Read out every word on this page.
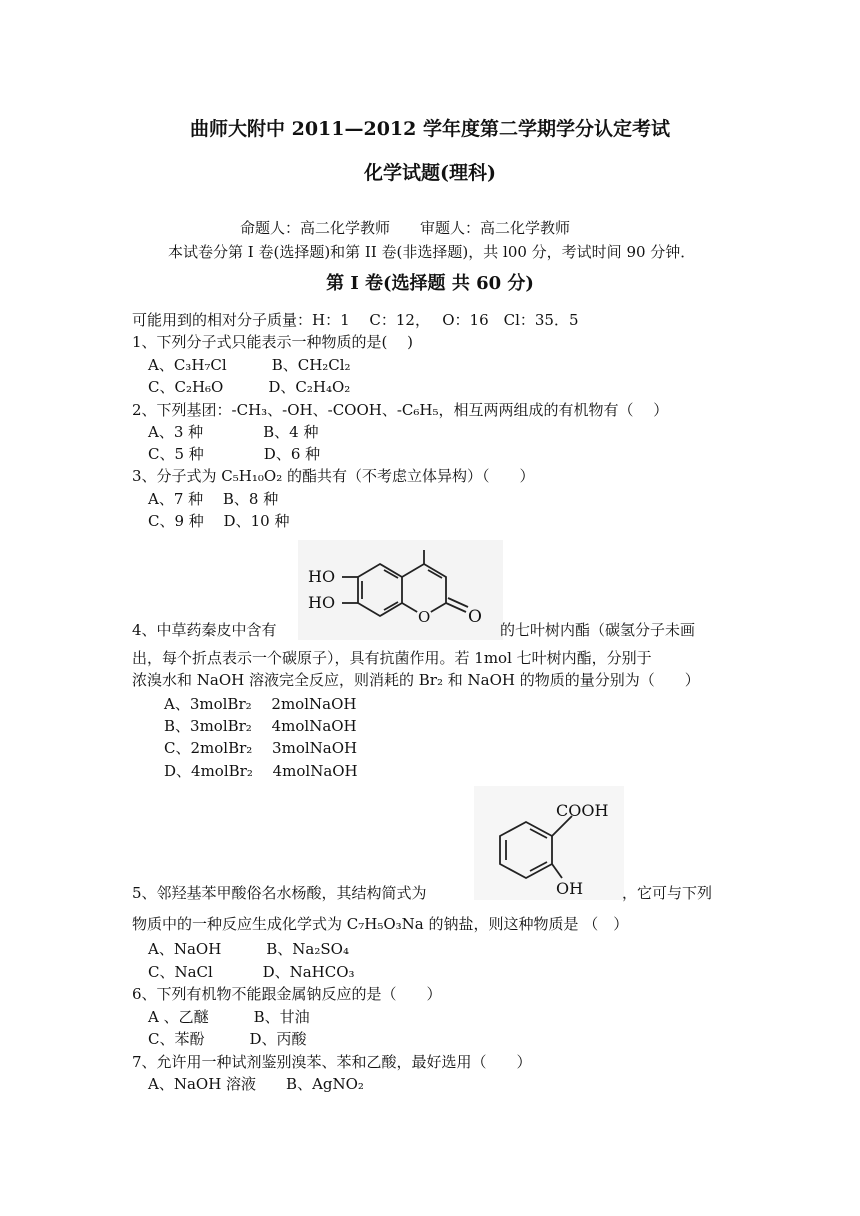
曲师大附中 2011—2012 学年度第二学期学分认定考试
化学试题(理科)
命题人：高二化学教师　　审题人：高二化学教师
本试卷分第 I 卷(选择题)和第 II 卷(非选择题)，共 l00 分，考试时间 90 分钟．
第 I 卷(选择题 共 60 分)
可能用到的相对分子质量：H：1　 C：12，　 O：16　Cl：35．5
1、下列分子式只能表示一种物质的是(　 )
A、C₃H₇Cl　　　B、CH₂Cl₂
C、C₂H₆O　　　D、C₂H₄O₂
2、下列基团：-CH₃、-OH、-COOH、-C₆H₅，相互两两组成的有机物有（　 ）
A、3 种　　　　B、4 种
C、5 种　　　　D、6 种
3、分子式为 C₅H₁₀O₂ 的酯共有（不考虑立体异构）（　　）
A、7 种　 B、8 种
C、9 种　 D、10 种
HO
HO
O O
4、中草药秦皮中含有	的七叶树内酯（碳氢分子未画
出，每个折点表示一个碳原子），具有抗菌作用。若 1mol 七叶树内酯，分别于
浓溴水和 NaOH 溶液完全反应，则消耗的 Br₂ 和 NaOH 的物质的量分别为（　　）
A、3molBr₂　 2molNaOH
B、3molBr₂　 4molNaOH
C、2molBr₂　 3molNaOH
D、4molBr₂　 4molNaOH
COOH
OH
5、邻羟基苯甲酸俗名水杨酸，其结构简式为	，它可与下列
物质中的一种反应生成化学式为 C₇H₅O₃Na 的钠盐，则这种物质是 （　）
A、NaOH　　　B、Na₂SO₄
C、NaCl　　　 D、NaHCO₃
6、下列有机物不能跟金属钠反应的是（　　）
A 、乙醚　　　B、甘油
C、苯酚　　　D、丙酸
7、允许用一种试剂鉴别溴苯、苯和乙酸，最好选用（　　）
A、NaOH 溶液　　B、AgNO₂
